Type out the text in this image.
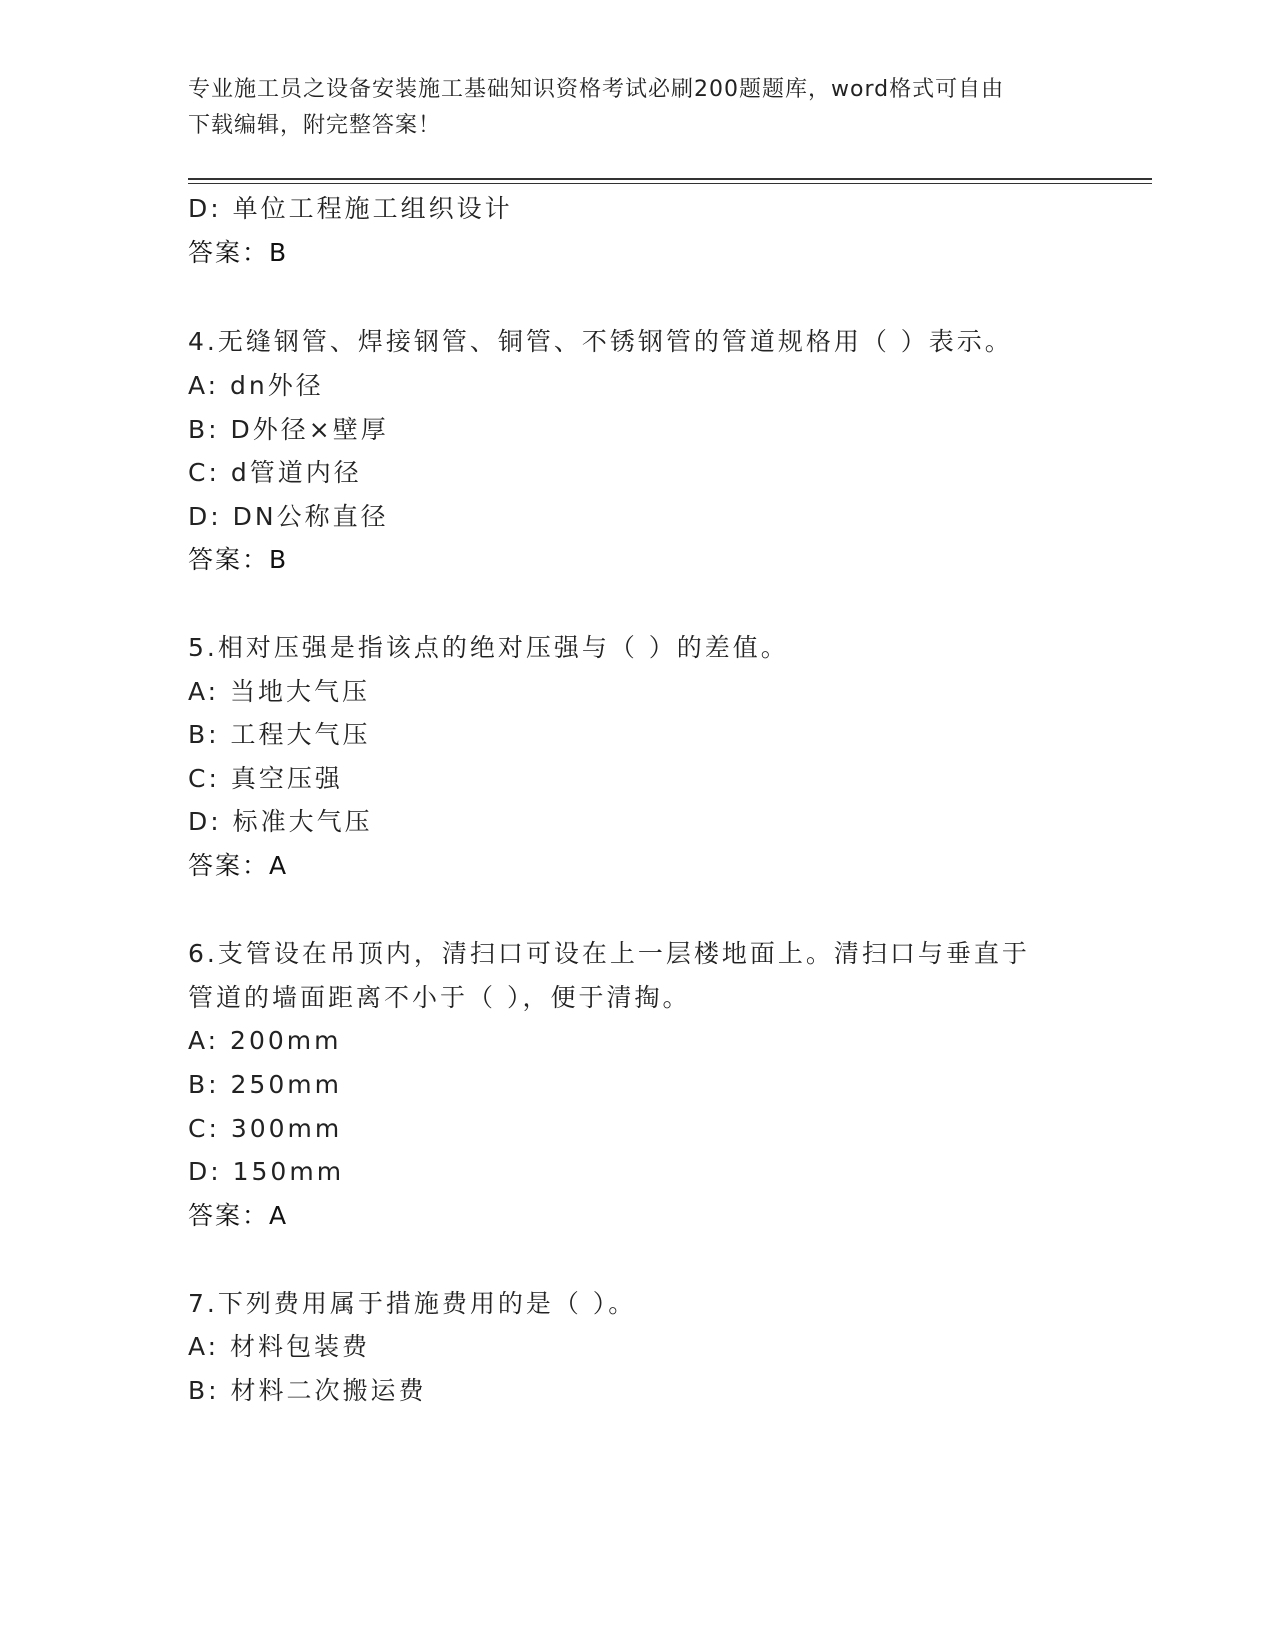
专业施工员之设备安装施工基础知识资格考试必刷200题题库，word格式可自由
下载编辑，附完整答案！
D: 单位工程施工组织设计
答案：B
4.无缝钢管、焊接钢管、铜管、不锈钢管的管道规格用（ ）表示。
A: dn外径
B: D外径×壁厚
C: d管道内径
D: DN公称直径
答案：B
5.相对压强是指该点的绝对压强与（ ）的差值。
A: 当地大气压
B: 工程大气压
C: 真空压强
D: 标准大气压
答案：A
6.支管设在吊顶内，清扫口可设在上一层楼地面上。清扫口与垂直于
管道的墙面距离不小于（ ），便于清掏。
A: 200mm
B: 250mm
C: 300mm
D: 150mm
答案：A
7.下列费用属于措施费用的是（ ）。
A: 材料包装费
B: 材料二次搬运费
